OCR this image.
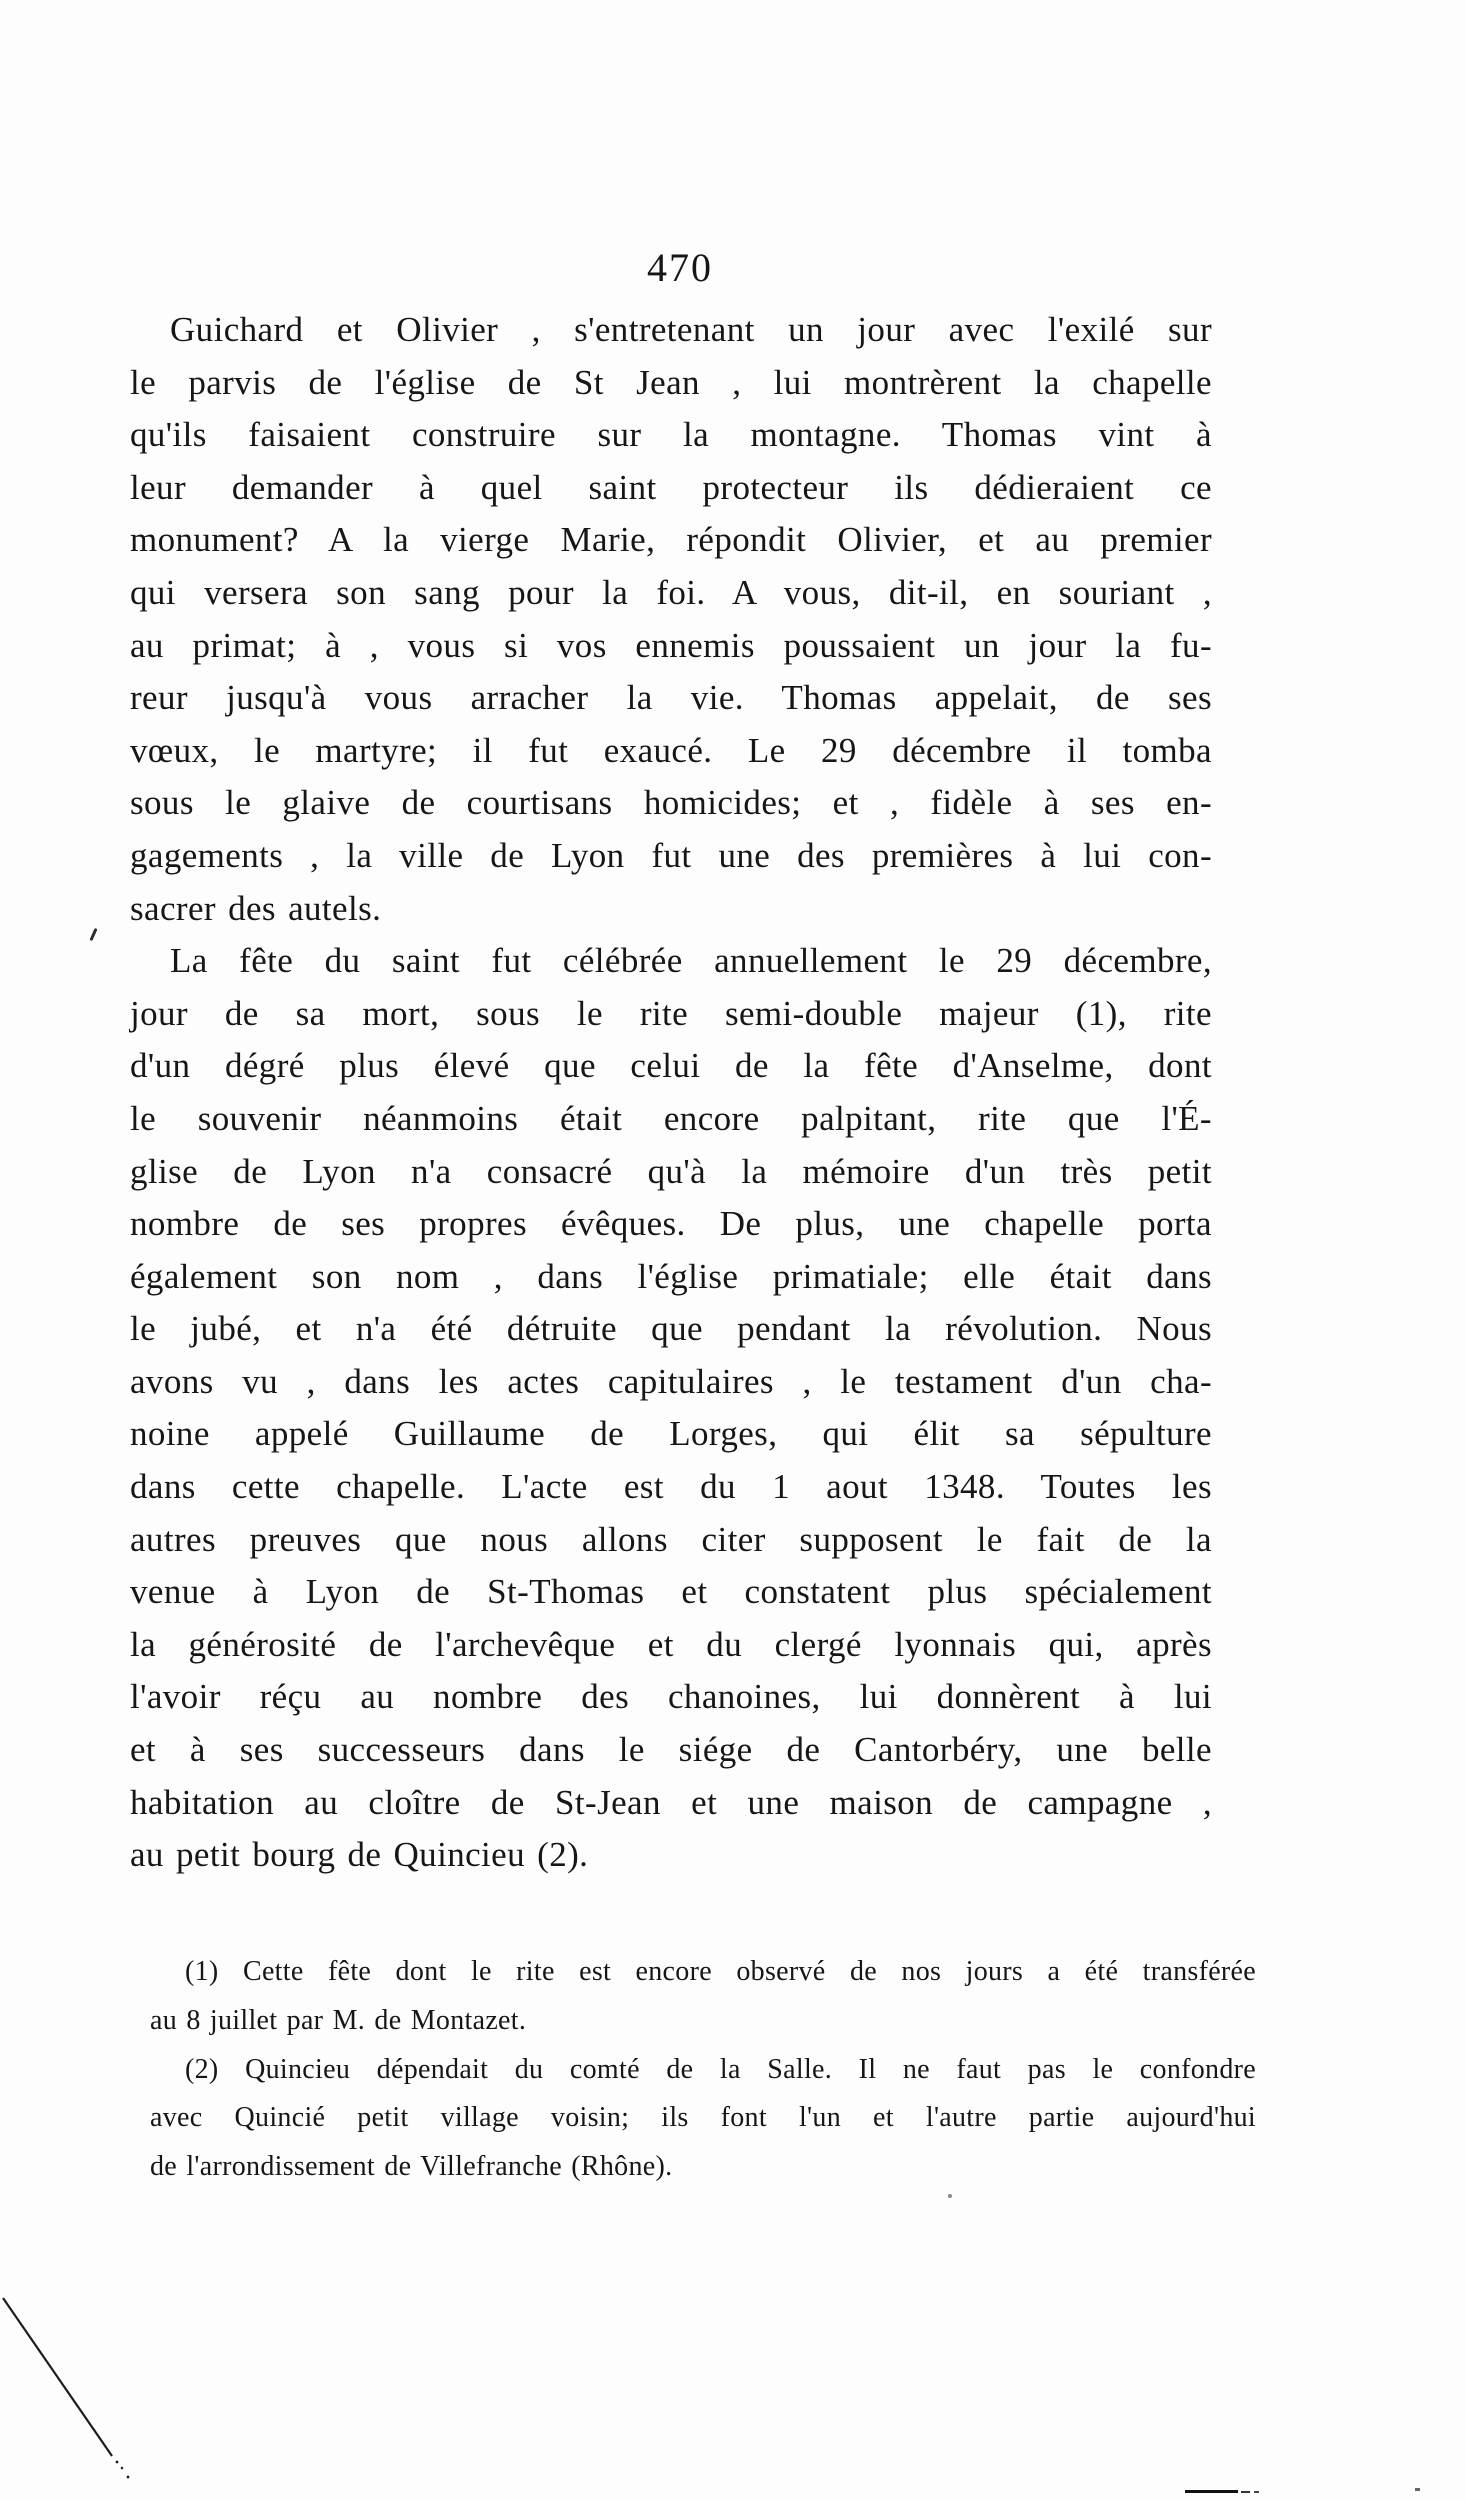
470
Guichard et Olivier , s'entretenant un jour avec l'exilé sur
le parvis de l'église de St Jean , lui montrèrent la chapelle
qu'ils faisaient construire sur la montagne. Thomas vint à
leur demander à quel saint protecteur ils dédieraient ce
monument? A la vierge Marie, répondit Olivier, et au premier
qui versera son sang pour la foi. A vous, dit-il, en souriant ,
au primat; à , vous si vos ennemis poussaient un jour la fu-
reur jusqu'à vous arracher la vie. Thomas appelait, de ses
vœux, le martyre; il fut exaucé. Le 29 décembre il tomba
sous le glaive de courtisans homicides; et , fidèle à ses en-
gagements , la ville de Lyon fut une des premières à lui con-
sacrer des autels.
La fête du saint fut célébrée annuellement le 29 décembre,
jour de sa mort, sous le rite semi-double majeur (1), rite
d'un dégré plus élevé que celui de la fête d'Anselme, dont
le souvenir néanmoins était encore palpitant, rite que l'É-
glise de Lyon n'a consacré qu'à la mémoire d'un très petit
nombre de ses propres évêques. De plus, une chapelle porta
également son nom , dans l'église primatiale; elle était dans
le jubé, et n'a été détruite que pendant la révolution. Nous
avons vu , dans les actes capitulaires , le testament d'un cha-
noine appelé Guillaume de Lorges, qui élit sa sépulture
dans cette chapelle. L'acte est du 1 aout 1348. Toutes les
autres preuves que nous allons citer supposent le fait de la
venue à Lyon de St-Thomas et constatent plus spécialement
la générosité de l'archevêque et du clergé lyonnais qui, après
l'avoir réçu au nombre des chanoines, lui donnèrent à lui
et à ses successeurs dans le siége de Cantorbéry, une belle
habitation au cloître de St-Jean et une maison de campagne ,
au petit bourg de Quincieu (2).
(1) Cette fête dont le rite est encore observé de nos jours a été transférée
au 8 juillet par M. de Montazet.
(2) Quincieu dépendait du comté de la Salle. Il ne faut pas le confondre
avec Quincié petit village voisin; ils font l'un et l'autre partie aujourd'hui
de l'arrondissement de Villefranche (Rhône).
